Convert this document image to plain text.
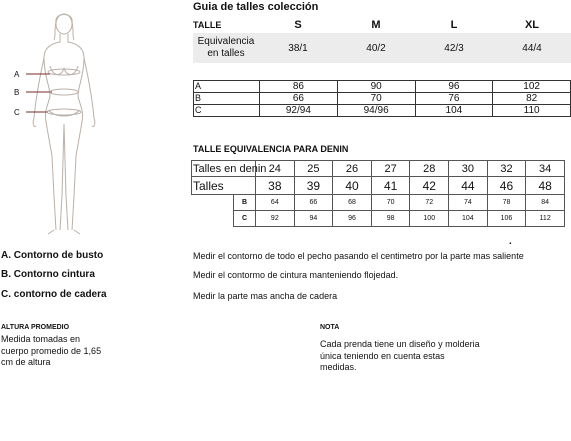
A
B
C
Guia de talles colección
TALLE	S	M	L	XL

Equivalencia
en talles	38/1	40/2	42/3	44/4
A	86	90	96	102
B	66	70	76	82
C	92/94	94/96	104	110
TALLE EQUIVALENCIA PARA DENIN
Talles en denin		24	25	26	27	28	30	32	34
Talles		38	39	40	41	42	44	46	48
	B	64	66	68	70	72	74	78	84
	C	92	94	96	98	100	104	106	112
.
A. Contorno de busto	Medir el contorno de todo el pecho pasando el centimetro por la parte mas saliente
B. Contorno cintura	Medir el contormo de cintura manteniendo flojedad.
C. contorno de cadera	Medir la parte mas ancha de cadera
ALTURA PROMEDIO
Medida tomadas en
cuerpo promedio de 1,65
cm de altura
NOTA
Cada prenda tiene un diseño y molderia
única teniendo en cuenta estas
medidas.
